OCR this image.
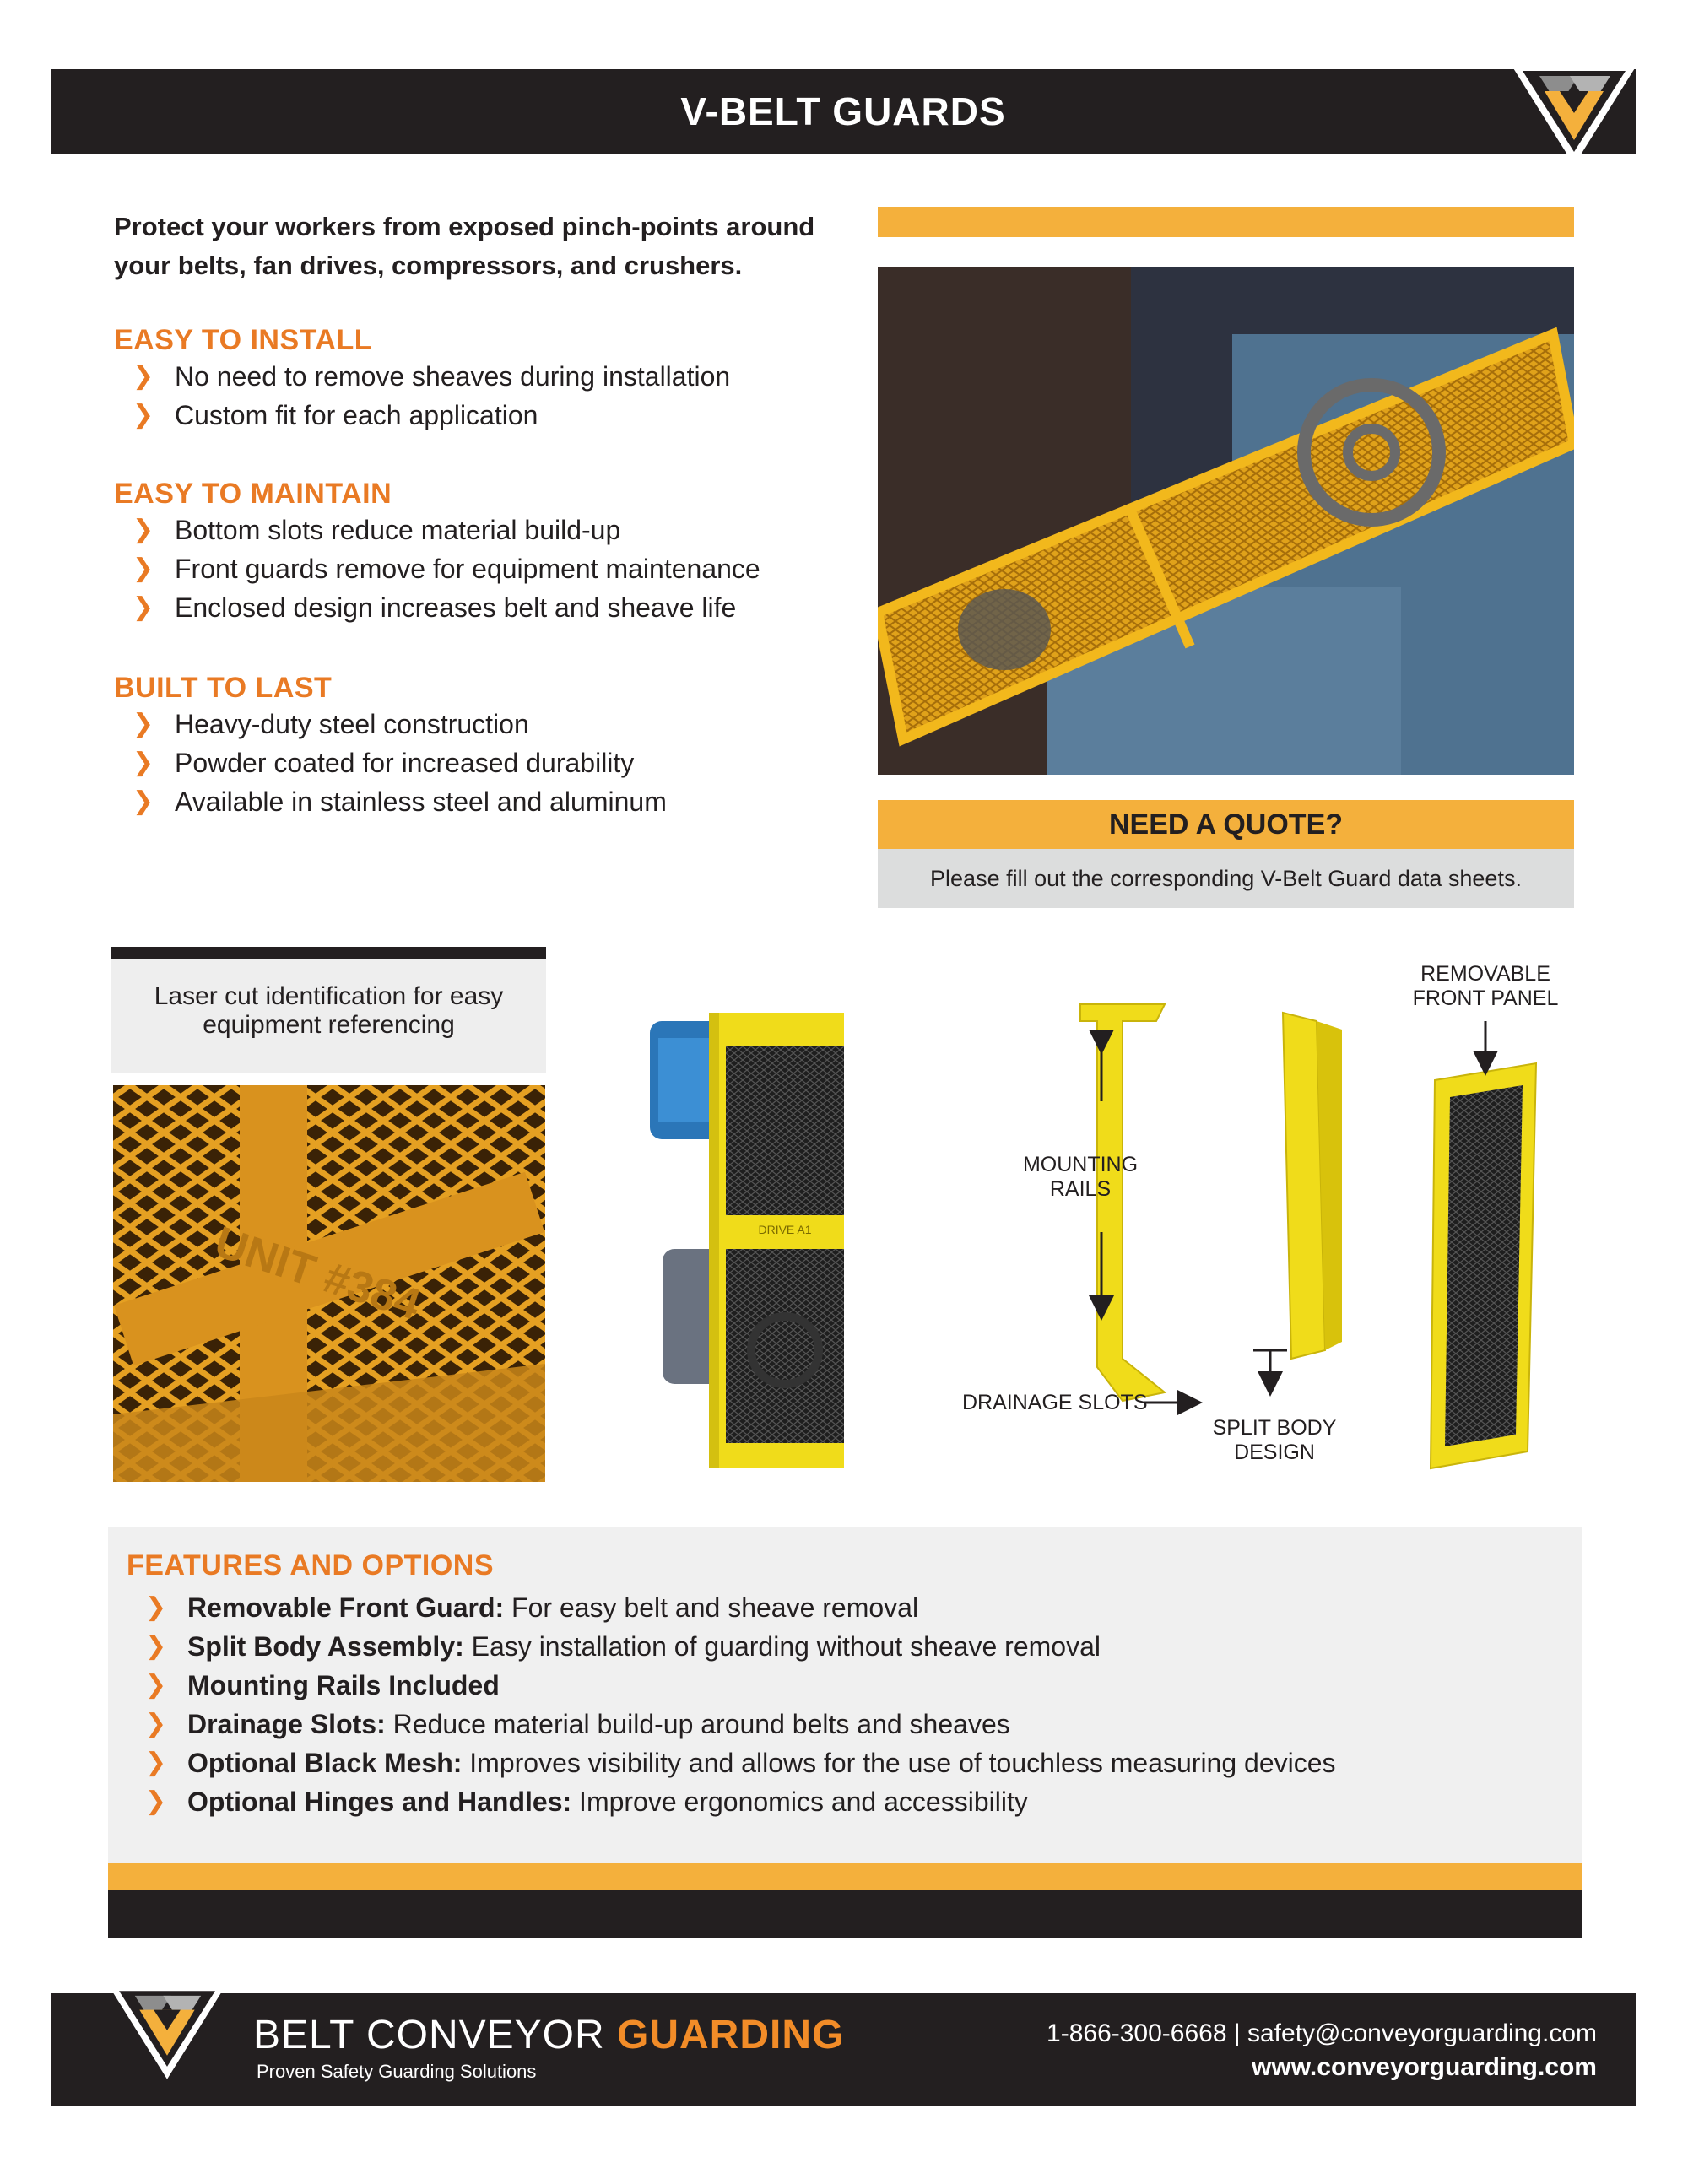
V-BELT GUARDS
Protect your workers from exposed pinch-points around your belts, fan drives, compressors, and crushers.
EASY TO INSTALL
❯ No need to remove sheaves during installation
❯ Custom fit for each application
EASY TO MAINTAIN
❯ Bottom slots reduce material build-up
❯ Front guards remove for equipment maintenance
❯ Enclosed design increases belt and sheave life
BUILT TO LAST
❯ Heavy-duty steel construction
❯ Powder coated for increased durability
❯ Available in stainless steel and aluminum
NEED A QUOTE?
Please fill out the corresponding V-Belt Guard data sheets.
Laser cut identification for easy equipment referencing
UNIT #384	DRIVE A1
REMOVABLE FRONT PANEL
MOUNTING RAILS
DRAINAGE SLOTS
SPLIT BODY DESIGN
FEATURES AND OPTIONS
❯ Removable Front Guard: For easy belt and sheave removal
❯ Split Body Assembly: Easy installation of guarding without sheave removal
❯ Mounting Rails Included
❯ Drainage Slots: Reduce material build-up around belts and sheaves
❯ Optional Black Mesh: Improves visibility and allows for the use of touchless measuring devices
❯ Optional Hinges and Handles: Improve ergonomics and accessibility
BELT CONVEYOR GUARDING
Proven Safety Guarding Solutions
1-866-300-6668 | safety@conveyorguarding.com
www.conveyorguarding.com
